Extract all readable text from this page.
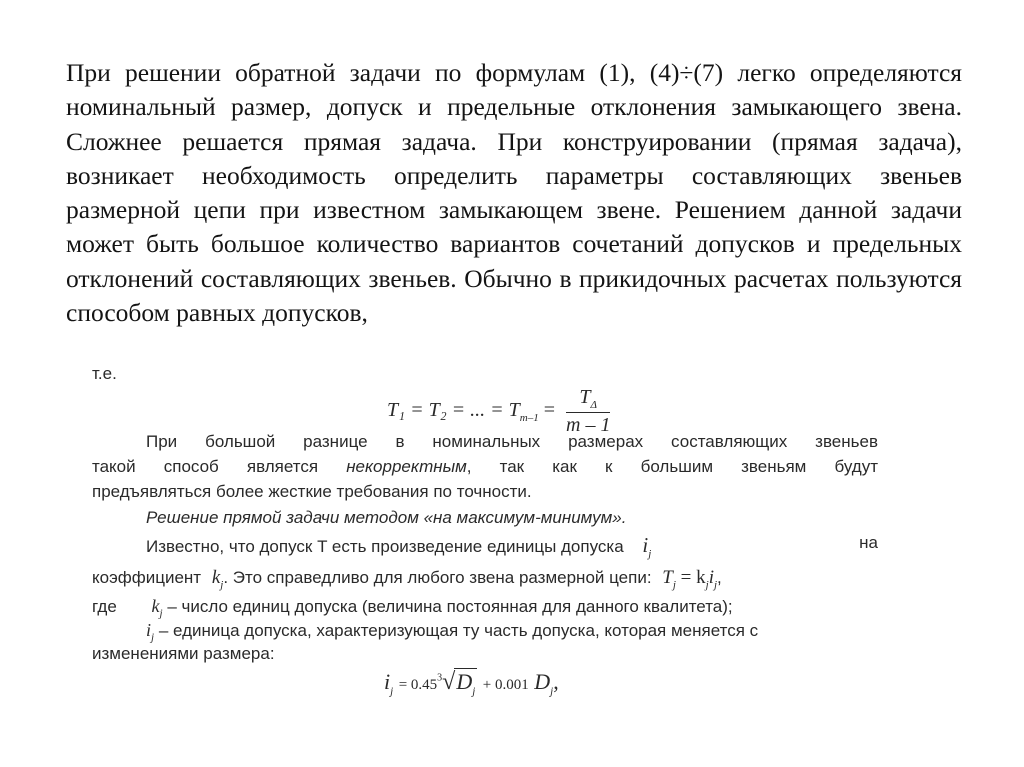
При решении обратной задачи по формулам (1), (4)÷(7) легко определяются номинальный размер, допуск и предельные отклонения замыкающего звена. Сложнее решается прямая задача. При конструировании (прямая задача), возникает необходимость определить параметры составляющих звеньев размерной цепи при известном замыкающем звене. Решением данной задачи может быть большое количество вариантов сочетаний допусков и предельных отклонений составляющих звеньев. Обычно в прикидочных расчетах пользуются способом равных допусков,

т.е.
T₁ = T₂ = ... = $T_{m-1} = \frac{T_\Delta}{m - 1}$
При большой разнице в номинальных размерах составляющих звеньев
такой способ является некорректным, так как к большим звеньям будут
предъявляться более жесткие требования по точности.
Решение прямой задачи методом «на максимум-минимум».
Известно, что допуск T есть произведение единицы допуска $i_j$
на
коэффициент $k_j$. Это справедливо для любого звена размерной цепи: $T_j = k_ji_j$,
где $k_j$ – число единиц допуска (величина постоянная для данного квалитета);
$i_j$ – единица допуска, характеризующая ту часть допуска, которая меняется с
изменениями размера:
$i_j = 0.45^3√D_j + 0.001$ $D_j$,
